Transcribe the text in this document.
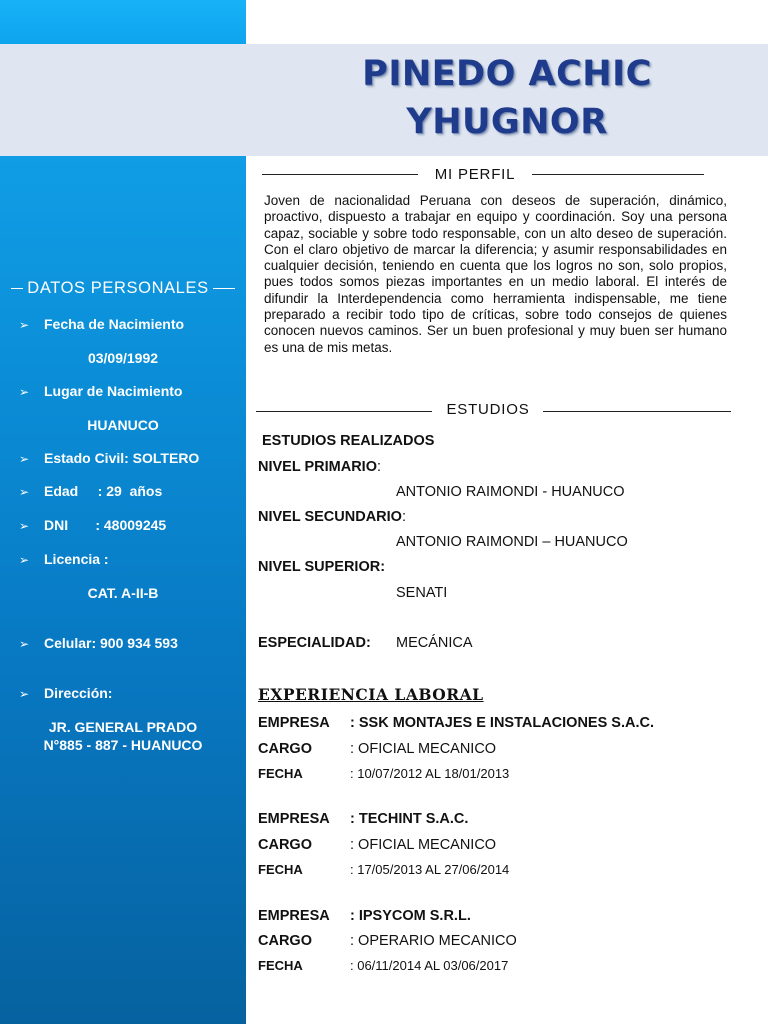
PINEDO ACHIC
YHUGNOR
DATOS PERSONALES
➢ Fecha de Nacimiento
03/09/1992
➢ Lugar de Nacimiento
HUANUCO
➢ Estado Civil: SOLTERO
➢ Edad     : 29  años
➢ DNI       : 48009245
➢ Licencia :
CAT. A-II-B
➢ Celular: 900 934 593
➢ Dirección:
JR. GENERAL PRADO
N°885 - 887 - HUANUCO
MI PERFIL
Joven de nacionalidad Peruana con deseos de superación, dinámico, proactivo, dispuesto a trabajar en equipo y coordinación. Soy una persona capaz, sociable y sobre todo responsable, con un alto deseo de superación. Con el claro objetivo de marcar la diferencia; y asumir responsabilidades en cualquier decisión, teniendo en cuenta que los logros no son, solo propios, pues todos somos piezas importantes en un medio laboral. El interés de difundir la Interdependencia como herramienta indispensable, me tiene preparado a recibir todo tipo de críticas, sobre todo consejos de quienes conocen nuevos caminos. Ser un buen profesional y muy buen ser humano es una de mis metas.
ESTUDIOS
ESTUDIOS REALIZADOS
NIVEL PRIMARIO:
ANTONIO RAIMONDI - HUANUCO
NIVEL SECUNDARIO:
ANTONIO RAIMONDI – HUANUCO
NIVEL SUPERIOR:
SENATI
ESPECIALIDAD: MECÁNICA
EXPERIENCIA LABORAL
EMPRESA : SSK MONTAJES E INSTALACIONES S.A.C.
CARGO	: OFICIAL MECANICO
FECHA	: 10/07/2012 AL 18/01/2013
EMPRESA : TECHINT S.A.C.
CARGO	: OFICIAL MECANICO
FECHA	: 17/05/2013 AL 27/06/2014
EMPRESA : IPSYCOM S.R.L.
CARGO	: OPERARIO MECANICO
FECHA	: 06/11/2014 AL 03/06/2017
